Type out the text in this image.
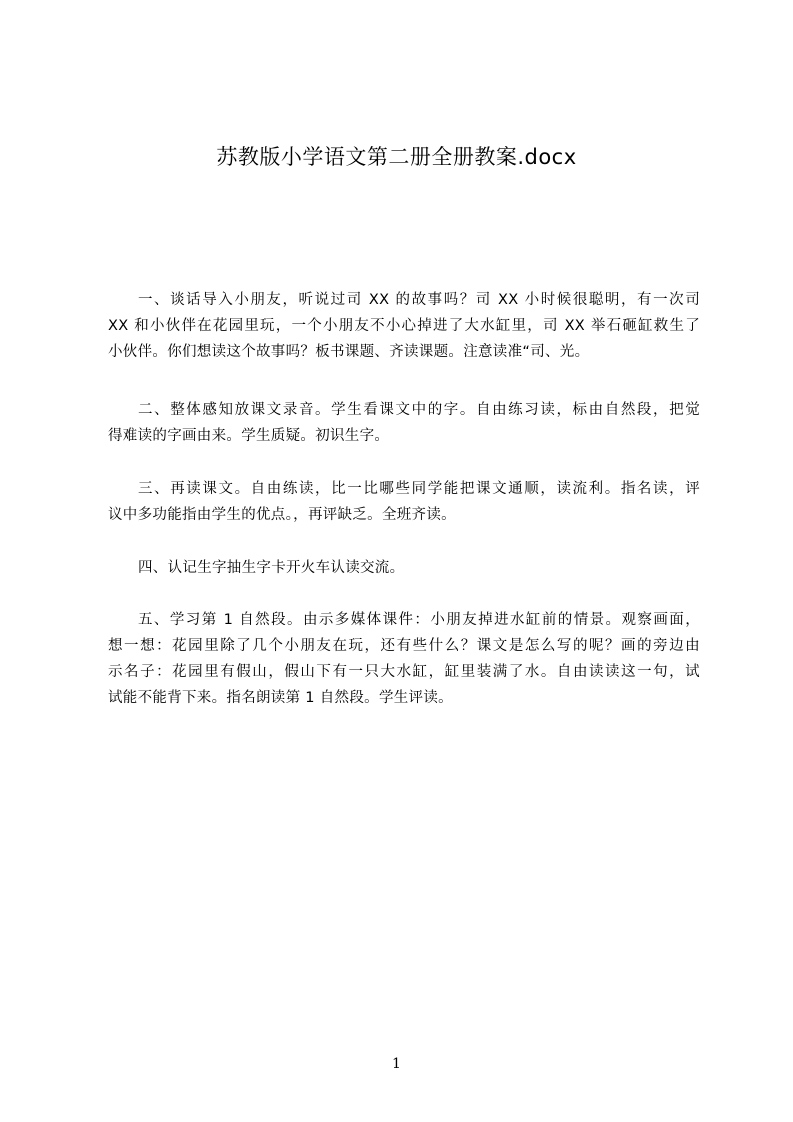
苏教版小学语文第二册全册教案.docx
一、谈话导入小朋友，听说过司 XX 的故事吗？司 XX 小时候很聪明，有一次司
XX 和小伙伴在花园里玩，一个小朋友不小心掉进了大水缸里，司 XX 举石砸缸救生了
小伙伴。你们想读这个故事吗？板书课题、齐读课题。注意读准“司、光。
二、整体感知放课文录音。学生看课文中的字。自由练习读，标由自然段，把觉
得难读的字画由来。学生质疑。初识生字。
三、再读课文。自由练读，比一比哪些同学能把课文通顺，读流利。指名读，评
议中多功能指由学生的优点。，再评缺乏。全班齐读。
四、认记生字抽生字卡开火车认读交流。
五、学习第 1 自然段。由示多媒体课件：小朋友掉进水缸前的情景。观察画面，
想一想：花园里除了几个小朋友在玩，还有些什么？课文是怎么写的呢？画的旁边由
示名子：花园里有假山，假山下有一只大水缸，缸里装满了水。自由读读这一句，试
试能不能背下来。指名朗读第 1 自然段。学生评读。
1
